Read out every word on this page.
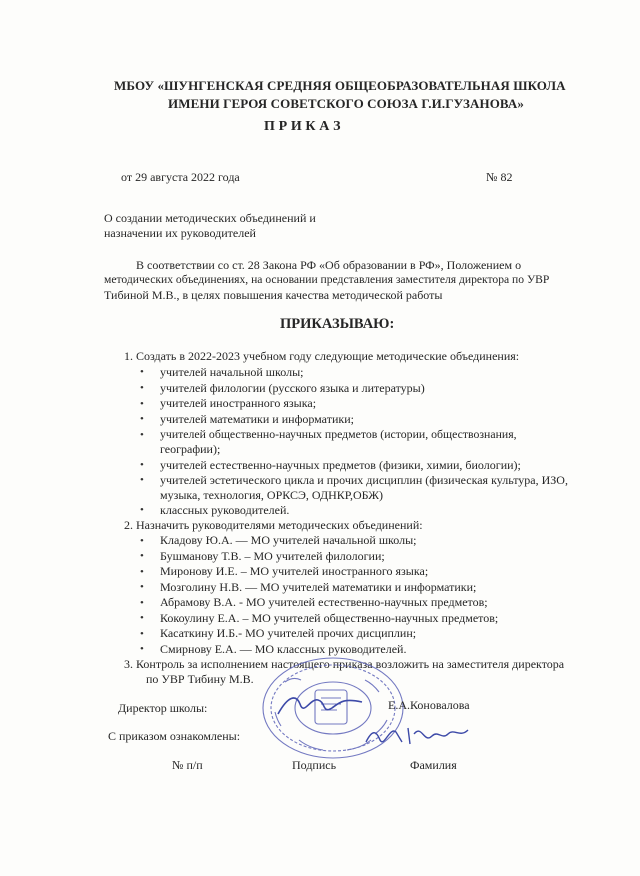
МБОУ «ШУНГЕНСКАЯ СРЕДНЯЯ ОБЩЕОБРАЗОВАТЕЛЬНАЯ ШКОЛА
ИМЕНИ ГЕРОЯ СОВЕТСКОГО СОЮЗА Г.И.ГУЗАНОВА»
П Р И К А З
от 29 августа 2022 года	№ 82
О создании методических объединений и
назначении их руководителей
В соответствии со ст. 28 Закона РФ «Об образовании в РФ», Положением о
методических объединениях, на основании представления заместителя директора по УВР
Тибиной М.В., в целях повышения качества методической работы
ПРИКАЗЫВАЮ:
1. Создать в 2022-2023 учебном году следующие методические объединения:
• учителей начальной школы;
• учителей филологии (русского языка и литературы)
• учителей иностранного языка;
• учителей математики и информатики;
• учителей общественно-научных предметов (истории, обществознания,
географии);
• учителей естественно-научных предметов (физики, химии, биологии);
• учителей эстетического цикла и прочих дисциплин (физическая культура, ИЗО,
музыка, технология, ОРКСЭ, ОДНКР,ОБЖ)
• классных руководителей.
2. Назначить руководителями методических объединений:
• Кладову Ю.А. — МО учителей начальной школы;
• Бушманову Т.В. – МО учителей филологии;
• Миронову И.Е. – МО учителей иностранного языка;
• Мозголину Н.В. — МО учителей математики и информатики;
• Абрамову В.А. - МО учителей естественно-научных предметов;
• Кокоулину Е.А. – МО учителей общественно-научных предметов;
• Касаткину И.Б.- МО учителей прочих дисциплин;
• Смирнову Е.А. — МО классных руководителей.
3. Контроль за исполнением настоящего приказа возложить на заместителя директора
по УВР Тибину М.В.
Директор школы:	Е.А.Коновалова
С приказом ознакомлены:
№ п/п	Подпись	Фамилия
